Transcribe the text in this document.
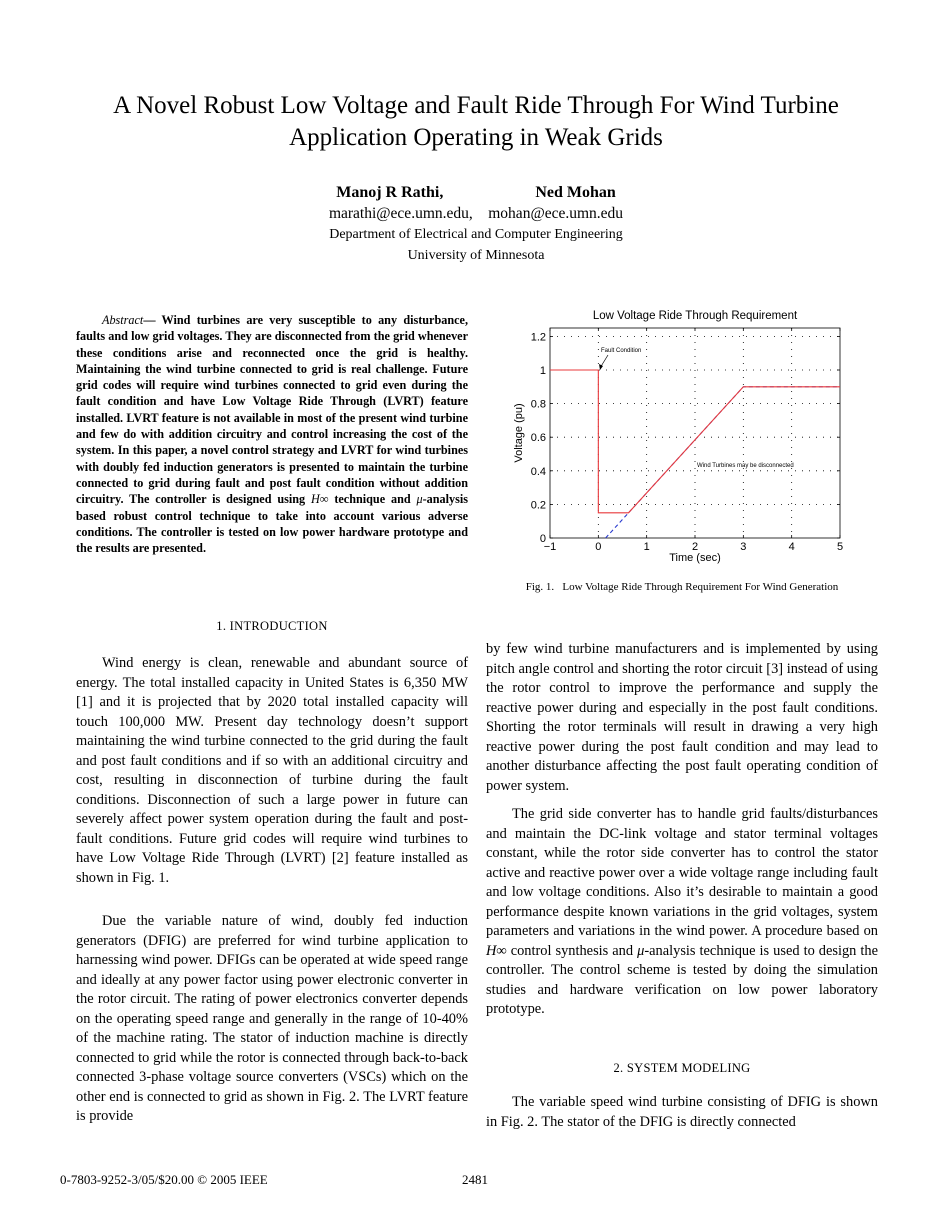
A Novel Robust Low Voltage and Fault Ride Through For Wind Turbine Application Operating in Weak Grids
Manoj R Rathi,	Ned Mohan
marathi@ece.umn.edu,    mohan@ece.umn.edu
Department of Electrical and Computer Engineering
University of Minnesota
Abstract— Wind turbines are very susceptible to any disturbance, faults and low grid voltages. They are disconnected from the grid whenever these conditions arise and reconnected once the grid is healthy. Maintaining the wind turbine connected to grid is real challenge. Future grid codes will require wind turbines connected to grid even during the fault condition and have Low Voltage Ride Through (LVRT) feature installed. LVRT feature is not available in most of the present wind turbine and few do with addition circuitry and control increasing the cost of the system. In this paper, a novel control strategy and LVRT for wind turbines with doubly fed induction generators is presented to maintain the turbine connected to grid during fault and post fault condition without addition circuitry. The controller is designed using H∞ technique and μ-analysis based robust control technique to take into account various adverse conditions. The controller is tested on low power hardware prototype and the results are presented.
1. INTRODUCTION

Wind energy is clean, renewable and abundant source of energy. The total installed capacity in United States is 6,350 MW [1] and it is projected that by 2020 total installed capacity will touch 100,000 MW. Present day technology doesn’t support maintaining the wind turbine connected to the grid during the fault and post fault conditions and if so with an additional circuitry and cost, resulting in disconnection of turbine during the fault conditions. Disconnection of such a large power in future can severely affect power system operation during the fault and post-fault conditions. Future grid codes will require wind turbines to have Low Voltage Ride Through (LVRT) [2] feature installed as shown in Fig. 1.

Due the variable nature of wind, doubly fed induction generators (DFIG) are preferred for wind turbine application to harnessing wind power. DFIGs can be operated at wide speed range and ideally at any power factor using power electronic converter in the rotor circuit. The rating of power electronics converter depends on the operating speed range and generally in the range of 10-40% of the machine rating. The stator of induction machine is directly connected to grid while the rotor is connected through back-to-back connected 3-phase voltage source converters (VSCs) which on the other end is connected to grid as shown in Fig. 2. The LVRT feature is provide

Low Voltage Ride Through Requirement
−1	0	1	2	3	4	5
0
0.2
0.4
0.6
0.8
1
1.2
Time (sec)
Voltage (pu)
Fault Condition
Wind Turbines may be disconnected
Fig. 1.   Low Voltage Ride Through Requirement For Wind Generation

by few wind turbine manufacturers and is implemented by using pitch angle control and shorting the rotor circuit [3] instead of using the rotor control to improve the performance and supply the reactive power during and especially in the post fault conditions. Shorting the rotor terminals will result in drawing a very high reactive power during the post fault condition and may lead to another disturbance affecting the post fault operating condition of power system.

The grid side converter has to handle grid faults/disturbances and maintain the DC-link voltage and stator terminal voltages constant, while the rotor side converter has to control the stator active and reactive power over a wide voltage range including fault and low voltage conditions. Also it’s desirable to maintain a good performance despite known variations in the grid voltages, system parameters and variations in the wind power. A procedure based on H∞ control synthesis and μ-analysis technique is used to design the controller. The control scheme is tested by doing the simulation studies and hardware verification on low power laboratory prototype.

2. SYSTEM MODELING

The variable speed wind turbine consisting of DFIG is shown in Fig. 2. The stator of the DFIG is directly connected

0-7803-9252-3/05/$20.00 © 2005 IEEE	2481
